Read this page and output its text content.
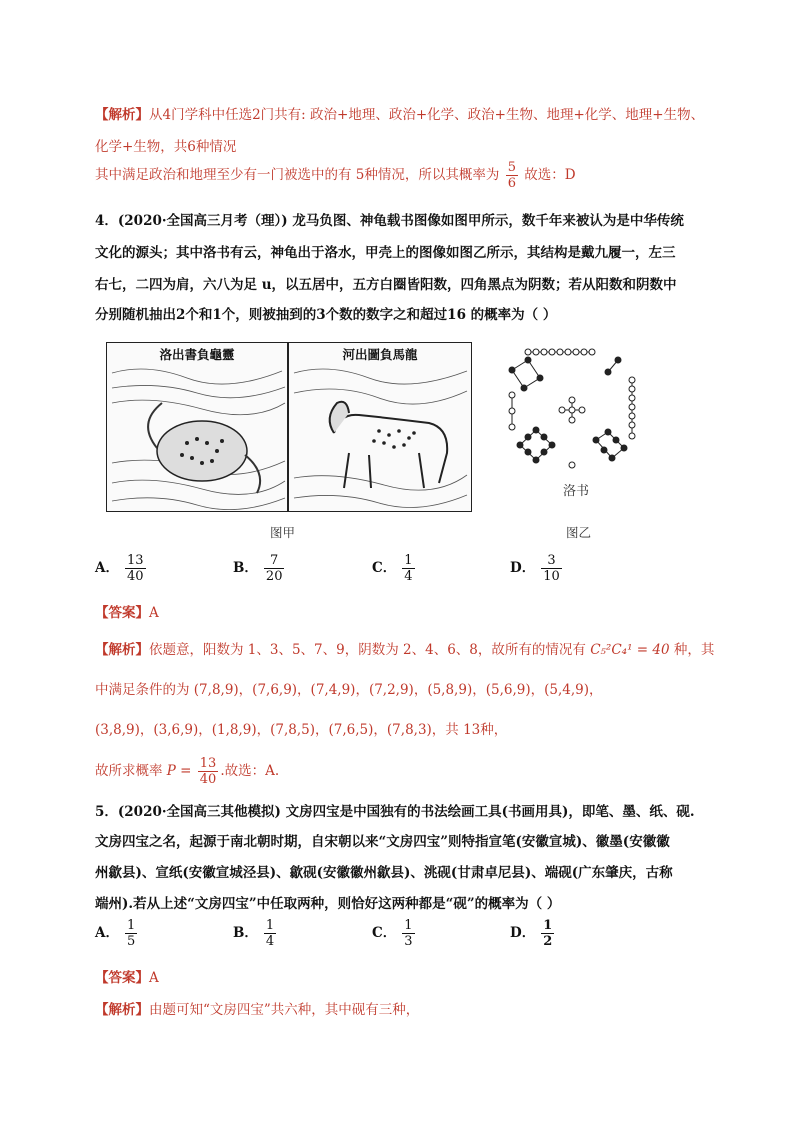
【解析】从4门学科中任选2门共有: 政治+地理、政治+化学、政治+生物、地理+化学、地理+生物、
化学+生物，共6种情况
其中满足政治和地理至少有一门被选中的有 5种情况，所以其概率为 $\frac{5}{6}$ 故选：D
4．(2020·全国高三月考（理）) 龙马负图、神龟载书图像如图甲所示，数千年来被认为是中华传统
文化的源头；其中洛书有云，神龟出于洛水，甲壳上的图像如图乙所示，其结构是戴九履一，左三
右七，二四为肩，六八为足 u，以五居中，五方白圈皆阳数，四角黑点为阴数；若从阳数和阴数中
分别随机抽出2个和1个，则被抽到的3个数的数字之和超过16 的概率为（ ）
洛出書負龜靈	河出圖負馬龍
图甲
洛书
图乙
A． $\frac{13}{40}$	B． $\frac{7}{20}$	C． $\frac{1}{4}$	D． $\frac{3}{10}$
【答案】A
【解析】依题意，阳数为 1、3、5、7、9，阴数为 2、4、6、8，故所有的情况有 C₅²C₄¹ = 40 种，其
中满足条件的为 (7,8,9)，(7,6,9)，(7,4,9)，(7,2,9)，(5,8,9)，(5,6,9)，(5,4,9)，
(3,8,9)，(3,6,9)，(1,8,9)，(7,8,5)，(7,6,5)，(7,8,3)，共 13种，
故所求概率 $P = \frac{13}{40}$ .故选：A.
5．(2020·全国高三其他模拟) 文房四宝是中国独有的书法绘画工具(书画用具)，即笔、墨、纸、砚.
文房四宝之名，起源于南北朝时期，自宋朝以来“文房四宝”则特指宣笔(安徽宣城)、徽墨(安徽徽
州歙县)、宣纸(安徽宣城泾县)、歙砚(安徽徽州歙县)、洮砚(甘肃卓尼县)、端砚(广东肇庆，古称
端州).若从上述“文房四宝”中任取两种，则恰好这两种都是“砚”的概率为（ ）
A． $\frac{1}{5}$	B． $\frac{1}{4}$	C． $\frac{1}{3}$	D． $\frac{1}{2}$
【答案】A
【解析】由题可知“文房四宝”共六种，其中砚有三种，
